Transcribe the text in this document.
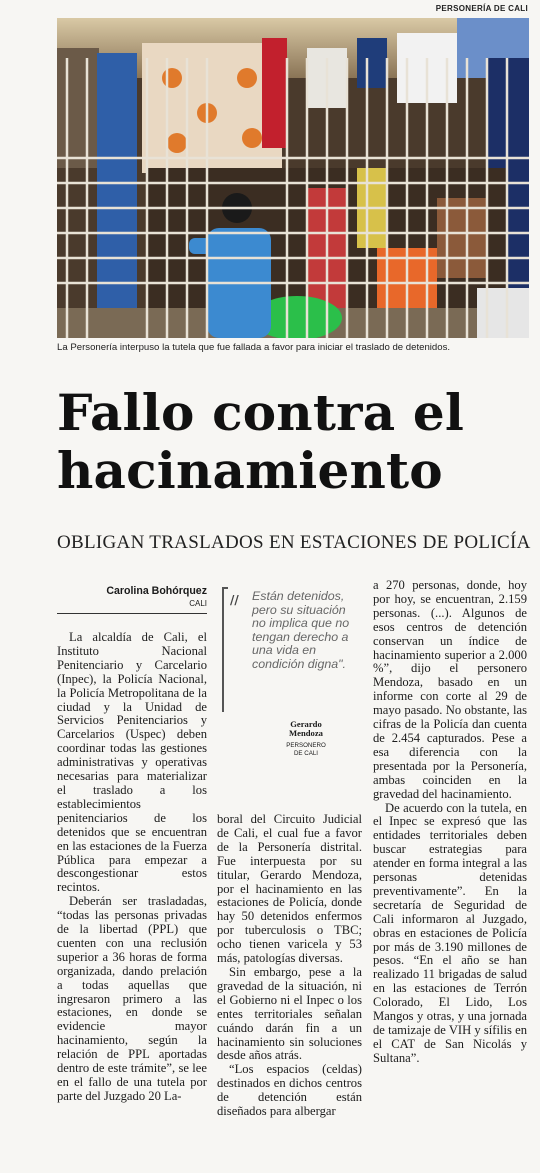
PERSONERÍA DE CALI
La Personería interpuso la tutela que fue fallada a favor para iniciar el traslado de detenidos.
Fallo contra el
hacinamiento
OBLIGAN TRASLADOS EN ESTACIONES DE POLICÍA
Carolina Bohórquez
CALI // Están detenidos, pero su situación no implica que no tengan derecho a una vida en condición digna".
Gerardo
Mendoza
PERSONERO
DE CALI

La alcaldía de Cali, el Instituto Nacional Penitenciario y Carcelario (Inpec), la Policía Nacional, la Policía Metropolitana de la ciudad y la Unidad de Servicios Penitenciarios y Carcelarios (Uspec) deben coordinar todas las gestiones administrativas y operativas necesarias para materializar el traslado a los establecimientos penitenciarios de los detenidos que se encuentran en las estaciones de la Fuerza Pública para empezar a descongestionar estos recintos.

Deberán ser trasladadas, “todas las personas privadas de la libertad (PPL) que cuenten con una reclusión superior a 36 horas de forma organizada, dando prelación a todas aquellas que ingresaron primero a las estaciones, en donde se evidencie mayor hacinamiento, según la relación de PPL aportadas dentro de este trámite”, se lee en el fallo de una tutela por parte del Juzgado 20 La-

boral del Circuito Judicial de Cali, el cual fue a favor de la Personería distrital. Fue interpuesta por su titular, Gerardo Mendoza, por el hacinamiento en las estaciones de Policía, donde hay 50 detenidos enfermos por tuberculosis o TBC; ocho tienen varicela y 53 más, patologías diversas.

Sin embargo, pese a la gravedad de la situación, ni el Gobierno ni el Inpec o los entes territoriales señalan cuándo darán fin a un hacinamiento sin soluciones desde años atrás.

“Los espacios (celdas) destinados en dichos centros de detención están diseñados para albergar

a 270 personas, donde, hoy por hoy, se encuentran, 2.159 personas. (...). Algunos de esos centros de detención conservan un índice de hacinamiento superior a 2.000 %”, dijo el personero Mendoza, basado en un informe con corte al 29 de mayo pasado. No obstante, las cifras de la Policía dan cuenta de 2.454 capturados. Pese a esa diferencia con la presentada por la Personería, ambas coinciden en la gravedad del hacinamiento.

De acuerdo con la tutela, en el Inpec se expresó que las entidades territoriales deben buscar estrategias para atender en forma integral a las personas detenidas preventivamente”. En la secretaría de Seguridad de Cali informaron al Juzgado, obras en estaciones de Policía por más de 3.190 millones de pesos. “En el año se han realizado 11 brigadas de salud en las estaciones de Terrón Colorado, El Lido, Los Mangos y otras, y una jornada de tamizaje de VIH y sífilis en el CAT de San Nicolás y Sultana”.
